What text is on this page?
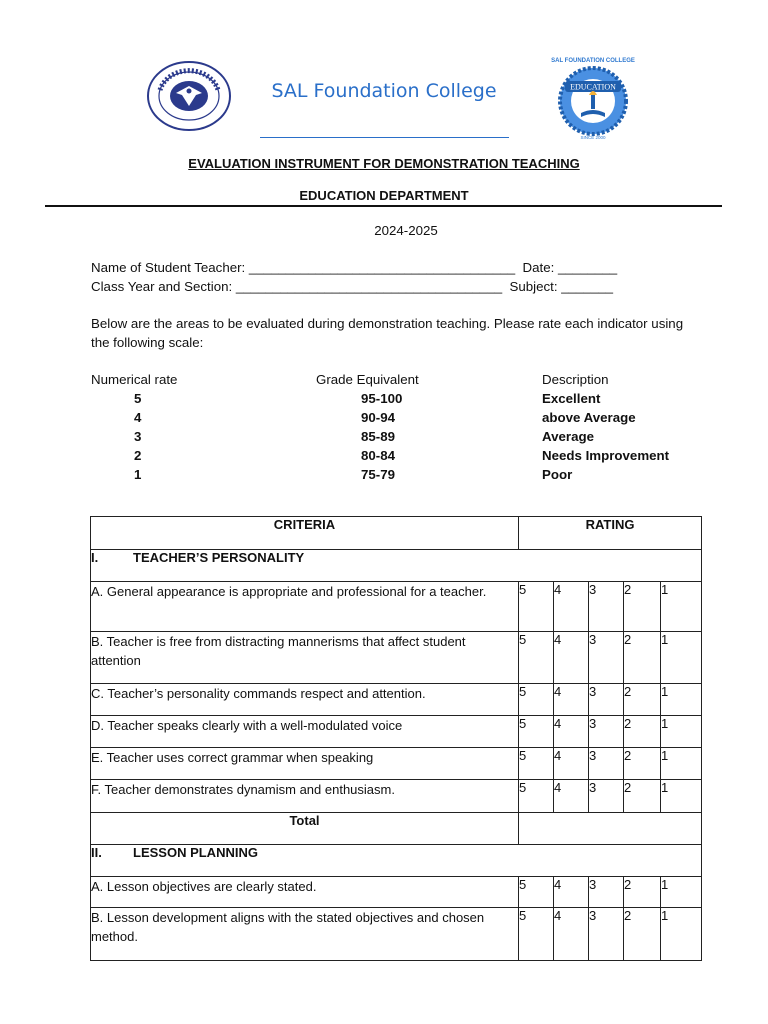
SAL Foundation College
SAL FOUNDATION COLLEGE
EDUCATION
SINCE 2000
EVALUATION INSTRUMENT FOR DEMONSTRATION TEACHING
EDUCATION DEPARTMENT
2024-2025
Name of Student Teacher: ____________________________________  Date: ________
Class Year and Section: ____________________________________  Subject: _______
Below are the areas to be evaluated during demonstration teaching. Please rate each indicator using
the following scale:
Numerical rate	Grade Equivalent	Description
5	95-100	Excellent
4	90-94	above Average
3	85-89	Average
2	80-84	Needs Improvement
1	75-79	Poor
CRITERIA	RATING				
I. TEACHER’S PERSONALITY					
A. General appearance is appropriate and professional for a teacher.	5	4	3	2	1
B. Teacher is free from distracting mannerisms that affect student attention	5	4	3	2	1
C. Teacher’s personality commands respect and attention.	5	4	3	2	1
D. Teacher speaks clearly with a well-modulated voice	5	4	3	2	1
E. Teacher uses correct grammar when speaking	5	4	3	2	1
F. Teacher demonstrates dynamism and enthusiasm.	5	4	3	2	1
Total					
II. LESSON PLANNING					
A. Lesson objectives are clearly stated.	5	4	3	2	1
B. Lesson development aligns with the stated objectives and chosen method.	5	4	3	2	1
